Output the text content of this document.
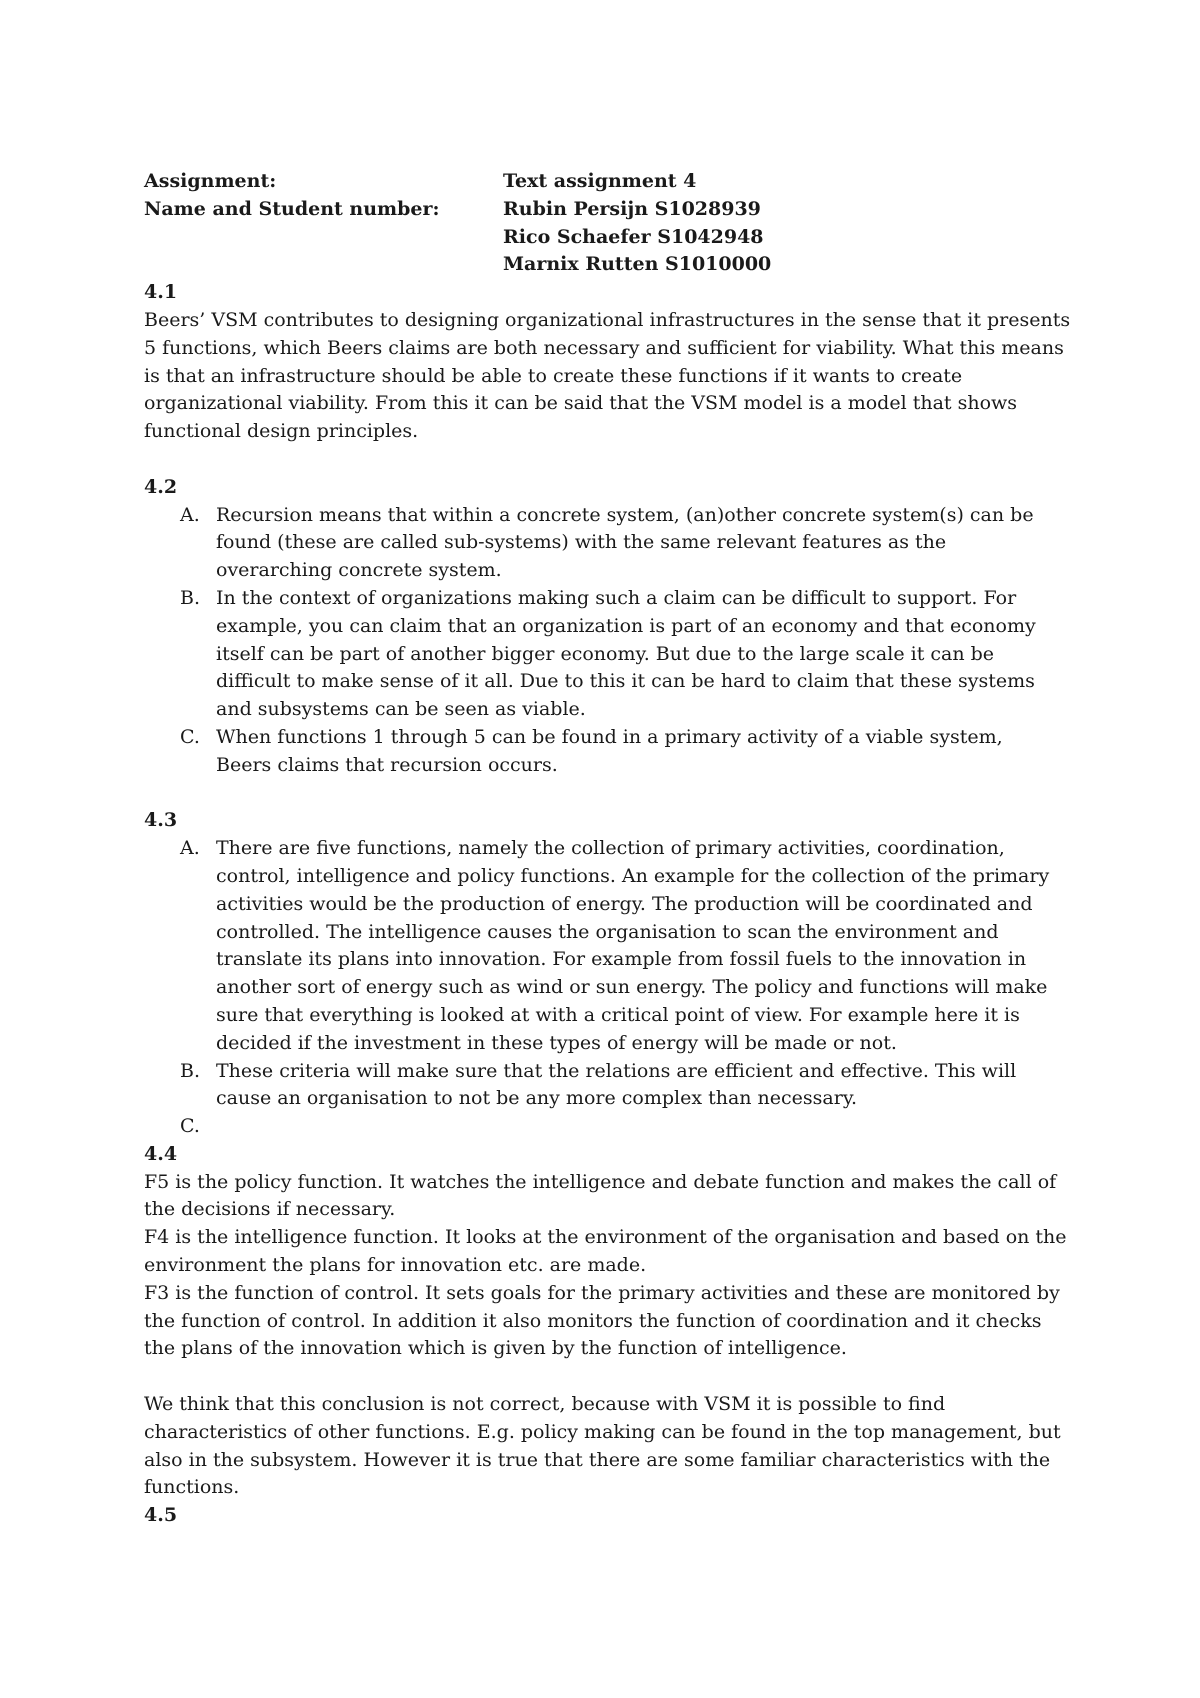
Assignment:	Text assignment 4
Name and Student number:	Rubin Persijn S1028939
Rico Schaefer S1042948
Marnix Rutten S1010000
4.1

Beers’ VSM contributes to designing organizational infrastructures in the sense that it presents 5 functions, which Beers claims are both necessary and sufficient for viability. What this means is that an infrastructure should be able to create these functions if it wants to create organizational viability. From this it can be said that the VSM model is a model that shows functional design principles.

4.2
A. Recursion means that within a concrete system, (an)other concrete system(s) can be found (these are called sub-systems) with the same relevant features as the overarching concrete system.
B. In the context of organizations making such a claim can be difficult to support. For example, you can claim that an organization is part of an economy and that economy itself can be part of another bigger economy. But due to the large scale it can be difficult to make sense of it all. Due to this it can be hard to claim that these systems and subsystems can be seen as viable.
C. When functions 1 through 5 can be found in a primary activity of a viable system, Beers claims that recursion occurs.
4.3
A. There are five functions, namely the collection of primary activities, coordination, control, intelligence and policy functions. An example for the collection of the primary activities would be the production of energy. The production will be coordinated and controlled. The intelligence causes the organisation to scan the environment and translate its plans into innovation. For example from fossil fuels to the innovation in another sort of energy such as wind or sun energy. The policy and functions will make sure that everything is looked at with a critical point of view. For example here it is decided if the investment in these types of energy will be made or not.
B. These criteria will make sure that the relations are efficient and effective. This will cause an organisation to not be any more complex than necessary.
C.
4.4

F5 is the policy function. It watches the intelligence and debate function and makes the call of the decisions if necessary.

F4 is the intelligence function. It looks at the environment of the organisation and based on the environment the plans for innovation etc. are made.

F3 is the function of control. It sets goals for the primary activities and these are monitored by the function of control. In addition it also monitors the function of coordination and it checks the plans of the innovation which is given by the function of intelligence.

We think that this conclusion is not correct, because with VSM it is possible to find characteristics of other functions. E.g. policy making can be found in the top management, but also in the subsystem. However it is true that there are some familiar characteristics with the functions.

4.5
